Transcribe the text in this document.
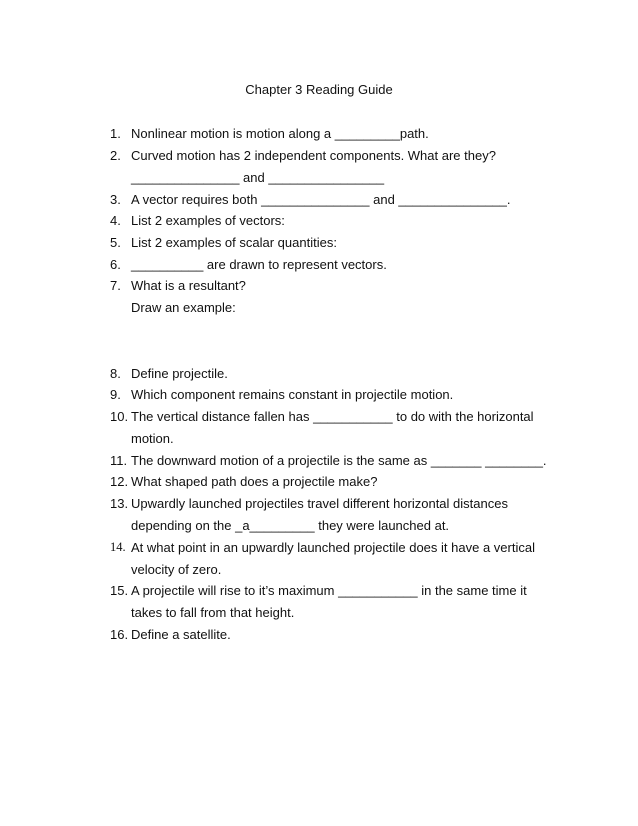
Chapter 3 Reading Guide
1. Nonlinear motion is motion along a _________path.
2. Curved motion has 2 independent components. What are they?
_______________ and ________________
3. A vector requires both _______________ and _______________.
4. List 2 examples of vectors:
5. List 2 examples of scalar quantities:
6. __________ are drawn to represent vectors.
7. What is a resultant?
Draw an example:
8. Define projectile.
9. Which component remains constant in projectile motion.
10. The vertical distance fallen has ___________ to do with the horizontal
motion.
11. The downward motion of a projectile is the same as _______ ________.
12. What shaped path does a projectile make?
13. Upwardly launched projectiles travel different horizontal distances
depending on the _a_________ they were launched at.
14. At what point in an upwardly launched projectile does it have a vertical
velocity of zero.
15. A projectile will rise to it’s maximum ___________ in the same time it
takes to fall from that height.
16. Define a satellite.
